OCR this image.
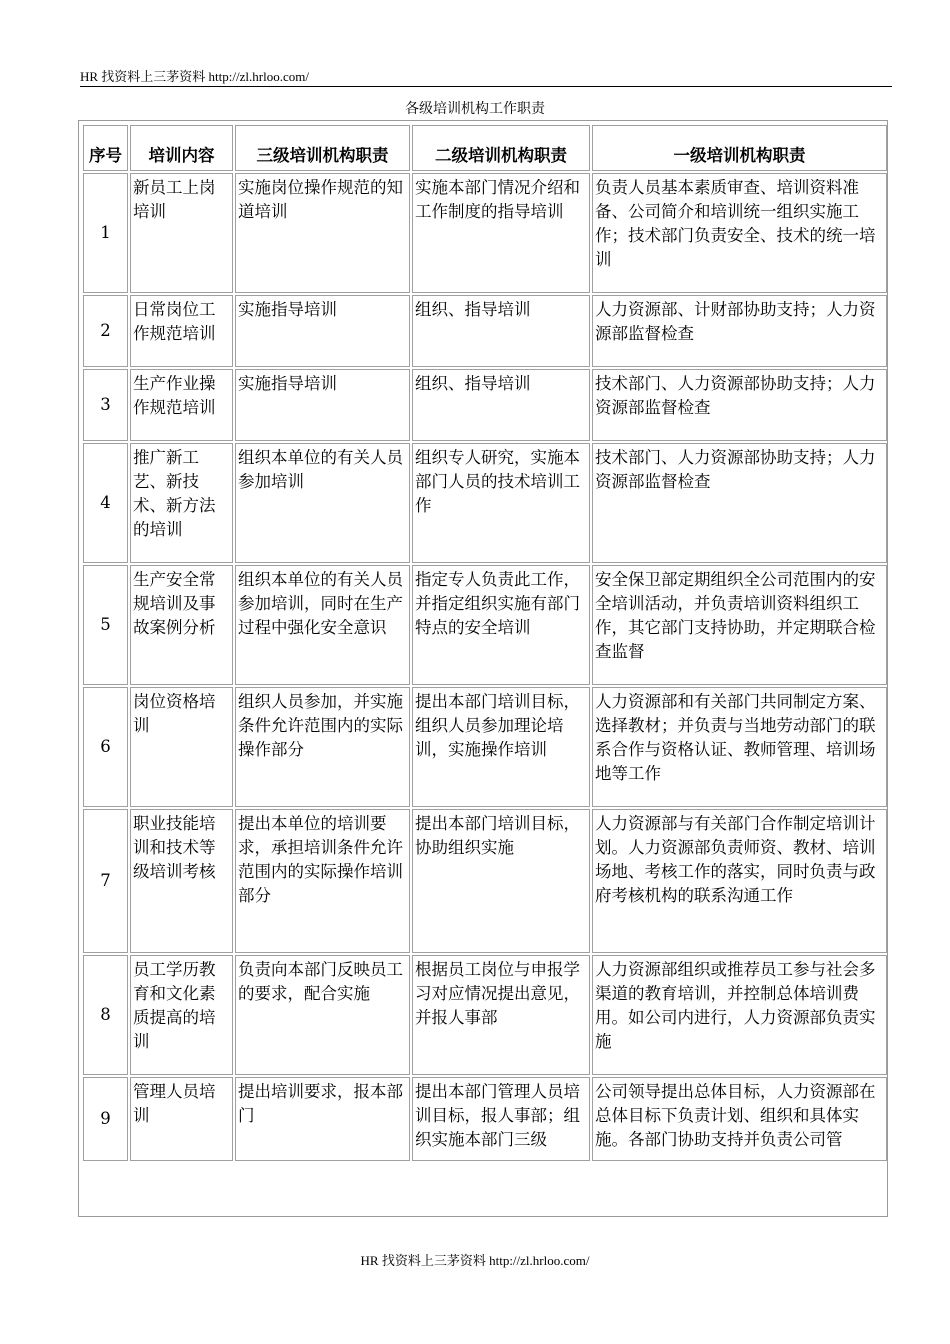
HR 找资料上三茅资料 http://zl.hrloo.com/
各级培训机构工作职责
序号	培训内容	三级培训机构职责	二级培训机构职责	一级培训机构职责
1	新员工上岗培训	实施岗位操作规范的知道培训	实施本部门情况介绍和工作制度的指导培训	负责人员基本素质审查、培训资料准备、公司简介和培训统一组织实施工作；技术部门负责安全、技术的统一培训
2	日常岗位工作规范培训	实施指导培训	组织、指导培训	人力资源部、计财部协助支持；人力资源部监督检查
3	生产作业操作规范培训	实施指导培训	组织、指导培训	技术部门、人力资源部协助支持；人力资源部监督检查
4	推广新工艺、新技术、新方法的培训	组织本单位的有关人员参加培训	组织专人研究，实施本部门人员的技术培训工作	技术部门、人力资源部协助支持；人力资源部监督检查
5	生产安全常规培训及事故案例分析	组织本单位的有关人员参加培训，同时在生产过程中强化安全意识	指定专人负责此工作，并指定组织实施有部门特点的安全培训	安全保卫部定期组织全公司范围内的安全培训活动，并负责培训资料组织工作，其它部门支持协助，并定期联合检查监督
6	岗位资格培训	组织人员参加，并实施条件允许范围内的实际操作部分	提出本部门培训目标，组织人员参加理论培训，实施操作培训	人力资源部和有关部门共同制定方案、选择教材；并负责与当地劳动部门的联系合作与资格认证、教师管理、培训场地等工作
7	职业技能培训和技术等级培训考核	提出本单位的培训要求，承担培训条件允许范围内的实际操作培训部分	提出本部门培训目标，协助组织实施	人力资源部与有关部门合作制定培训计划。人力资源部负责师资、教材、培训场地、考核工作的落实，同时负责与政府考核机构的联系沟通工作
8	员工学历教育和文化素质提高的培训	负责向本部门反映员工的要求，配合实施	根据员工岗位与申报学习对应情况提出意见，并报人事部	人力资源部组织或推荐员工参与社会多渠道的教育培训，并控制总体培训费用。如公司内进行，人力资源部负责实施
9	管理人员培训	提出培训要求，报本部门	提出本部门管理人员培训目标，报人事部；组织实施本部门三级	公司领导提出总体目标，人力资源部在总体目标下负责计划、组织和具体实施。各部门协助支持并负责公司管
HR 找资料上三茅资料 http://zl.hrloo.com/
